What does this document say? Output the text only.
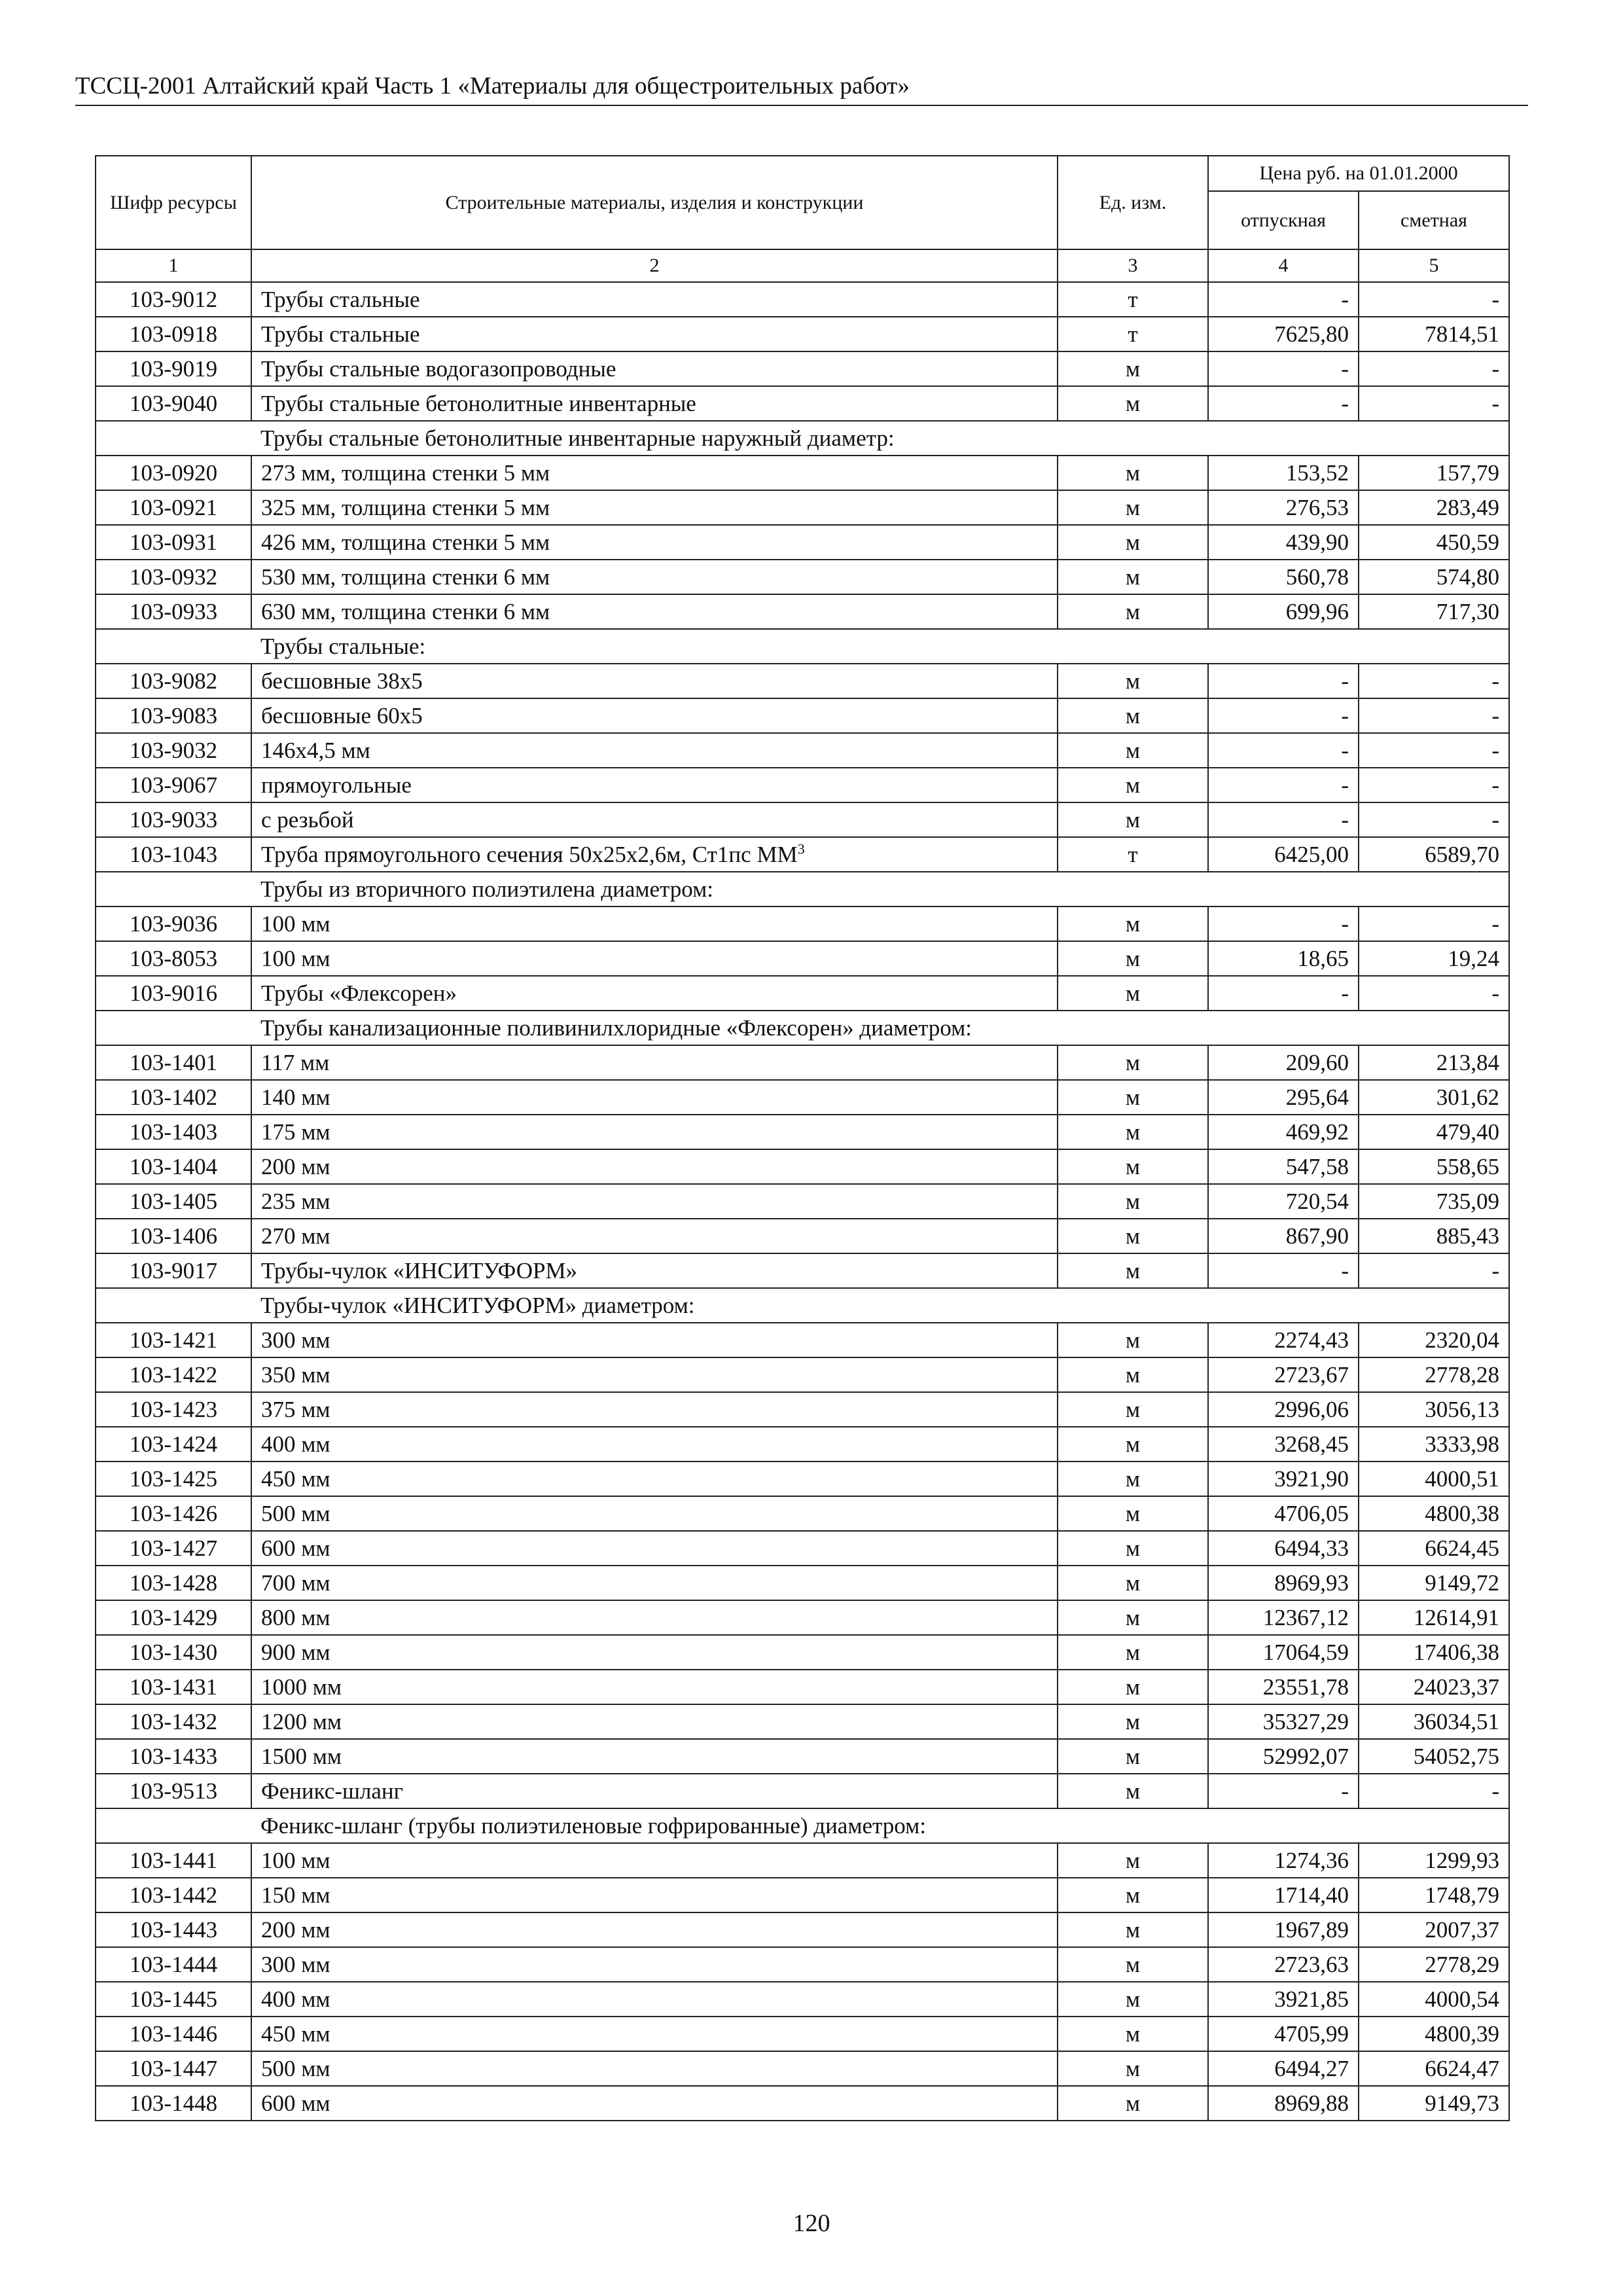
ТССЦ-2001 Алтайский край Часть 1 «Материалы для общестроительных работ»
Шифр ресурсы	Строительные материалы, изделия и конструкции	Ед. изм.	Цена руб. на 01.01.2000	
			отпускная	сметная
1	2	3	4	5
103-9012	Трубы стальные	т	-	-
103-0918	Трубы стальные	т	7625,80	7814,51
103-9019	Трубы стальные водогазопроводные	м	-	-
103-9040	Трубы стальные бетонолитные инвентарные	м	-	-
	Трубы стальные бетонолитные инвентарные наружный диаметр:			
103-0920	273 мм, толщина стенки 5 мм	м	153,52	157,79
103-0921	325 мм, толщина стенки 5 мм	м	276,53	283,49
103-0931	426 мм, толщина стенки 5 мм	м	439,90	450,59
103-0932	530 мм, толщина стенки 6 мм	м	560,78	574,80
103-0933	630 мм, толщина стенки 6 мм	м	699,96	717,30
	Трубы стальные:			
103-9082	бесшовные 38x5	м	-	-
103-9083	бесшовные 60x5	м	-	-
103-9032	146x4,5 мм	м	-	-
103-9067	прямоугольные	м	-	-
103-9033	с резьбой	м	-	-
103-1043	Труба прямоугольного сечения 50x25x2,6м, Ст1пс $ММ^3$	т	6425,00	6589,70
	Трубы из вторичного полиэтилена диаметром:			
103-9036	100 мм	м	-	-
103-8053	100 мм	м	18,65	19,24
103-9016	Трубы «Флексорен»	м	-	-
	Трубы канализационные поливинилхлоридные «Флексорен» диаметром:			
103-1401	117 мм	м	209,60	213,84
103-1402	140 мм	м	295,64	301,62
103-1403	175 мм	м	469,92	479,40
103-1404	200 мм	м	547,58	558,65
103-1405	235 мм	м	720,54	735,09
103-1406	270 мм	м	867,90	885,43
103-9017	Трубы-чулок «ИНСИТУФОРМ»	м	-	-
	Трубы-чулок «ИНСИТУФОРМ» диаметром:			
103-1421	300 мм	м	2274,43	2320,04
103-1422	350 мм	м	2723,67	2778,28
103-1423	375 мм	м	2996,06	3056,13
103-1424	400 мм	м	3268,45	3333,98
103-1425	450 мм	м	3921,90	4000,51
103-1426	500 мм	м	4706,05	4800,38
103-1427	600 мм	м	6494,33	6624,45
103-1428	700 мм	м	8969,93	9149,72
103-1429	800 мм	м	12367,12	12614,91
103-1430	900 мм	м	17064,59	17406,38
103-1431	1000 мм	м	23551,78	24023,37
103-1432	1200 мм	м	35327,29	36034,51
103-1433	1500 мм	м	52992,07	54052,75
103-9513	Феникс-шланг	м	-	-
	Феникс-шланг (трубы полиэтиленовые гофрированные) диаметром:			
103-1441	100 мм	м	1274,36	1299,93
103-1442	150 мм	м	1714,40	1748,79
103-1443	200 мм	м	1967,89	2007,37
103-1444	300 мм	м	2723,63	2778,29
103-1445	400 мм	м	3921,85	4000,54
103-1446	450 мм	м	4705,99	4800,39
103-1447	500 мм	м	6494,27	6624,47
103-1448	600 мм	м	8969,88	9149,73
120
